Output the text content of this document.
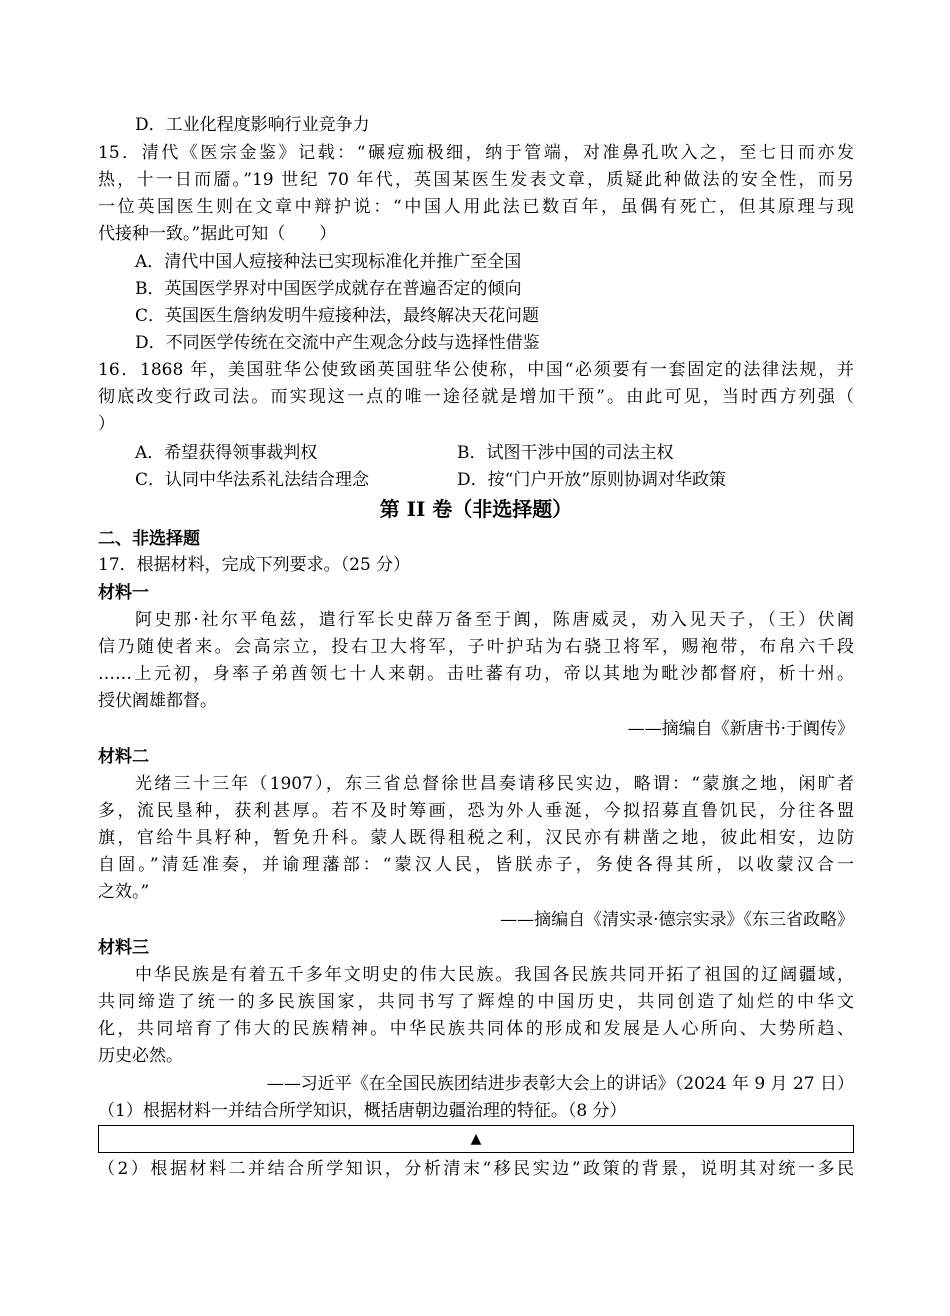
D．工业化程度影响行业竞争力
15．清代《医宗金鉴》记载：“碾痘痂极细，纳于管端，对准鼻孔吹入之，至七日而亦发
热，十一日而靥。”19 世纪 70 年代，英国某医生发表文章，质疑此种做法的安全性，而另
一位英国医生则在文章中辩护说：“中国人用此法已数百年，虽偶有死亡，但其原理与现
代接种一致。”据此可知（　　）
A．清代中国人痘接种法已实现标准化并推广至全国
B．英国医学界对中国医学成就存在普遍否定的倾向
C．英国医生詹纳发明牛痘接种法，最终解决天花问题
D．不同医学传统在交流中产生观念分歧与选择性借鉴
16．1868 年，美国驻华公使致函英国驻华公使称，中国“必须要有一套固定的法律法规，并
彻底改变行政司法。而实现这一点的唯一途径就是增加干预”。由此可见，当时西方列强（
）
A．希望获得领事裁判权	B．试图干涉中国的司法主权
C．认同中华法系礼法结合理念	D．按“门户开放”原则协调对华政策
第 II 卷（非选择题）
二、非选择题
17．根据材料，完成下列要求。（25 分）
材料一
阿史那·社尔平龟兹，遣行军长史薛万备至于阗，陈唐威灵，劝入见天子，（王）伏阇
信乃随使者来。会高宗立，投右卫大将军，子叶护玷为右骁卫将军，赐袍带，布帛六千段
……上元初，身率子弟酋领七十人来朝。击吐蕃有功，帝以其地为毗沙都督府，析十州。
授伏阇雄都督。
——摘编自《新唐书·于阗传》
材料二
光绪三十三年（1907），东三省总督徐世昌奏请移民实边，略谓：“蒙旗之地，闲旷者
多，流民垦种，获利甚厚。若不及时筹画，恐为外人垂涎，今拟招募直鲁饥民，分往各盟
旗，官给牛具籽种，暂免升科。蒙人既得租税之利，汉民亦有耕凿之地，彼此相安，边防
自固。”清廷准奏，并谕理藩部：“蒙汉人民，皆朕赤子，务使各得其所，以收蒙汉合一
之效。”
——摘编自《清实录·德宗实录》《东三省政略》
材料三
中华民族是有着五千多年文明史的伟大民族。我国各民族共同开拓了祖国的辽阔疆域，
共同缔造了统一的多民族国家，共同书写了辉煌的中国历史，共同创造了灿烂的中华文
化，共同培育了伟大的民族精神。中华民族共同体的形成和发展是人心所向、大势所趋、
历史必然。
——习近平《在全国民族团结进步表彰大会上的讲话》（2024 年 9 月 27 日）
（1）根据材料一并结合所学知识，概括唐朝边疆治理的特征。（8 分）
▲
（2）根据材料二并结合所学知识，分析清末“移民实边”政策的背景，说明其对统一多民
